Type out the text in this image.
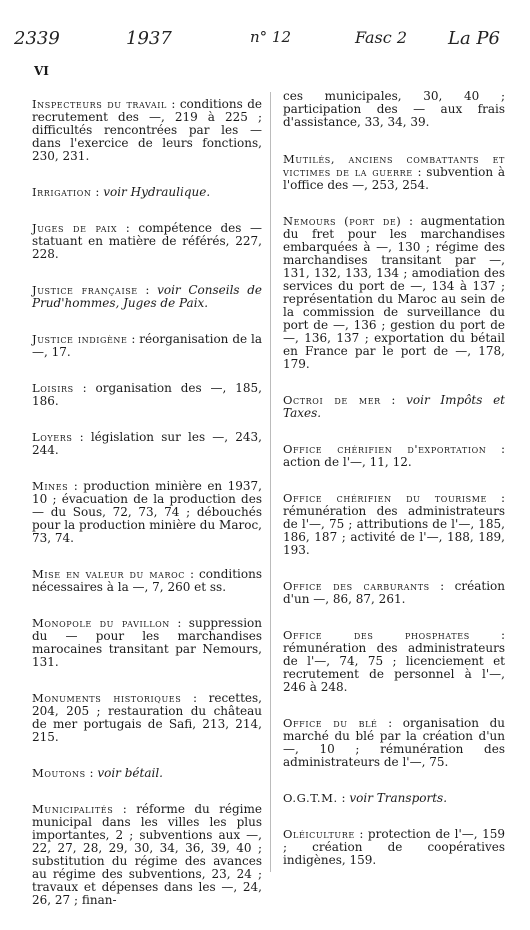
2339	1937	n° 12	Fasc 2 La P6
VI

Inspecteurs du travail : conditions de recrutement des —, 219 à 225 ; difficultés rencontrées par les — dans l'exercice de leurs fonctions, 230, 231.

Irrigation : voir Hydraulique.

Juges de paix : compétence des — statuant en matière de référés, 227, 228.

Justice française : voir Conseils de Prud'hommes, Juges de Paix.

Justice indigène : réorganisation de la —, 17.

Loisirs : organisation des —, 185, 186.

Loyers : législation sur les —, 243, 244.

Mines : production minière en 1937, 10 ; évacuation de la production des — du Sous, 72, 73, 74 ; débouchés pour la production minière du Maroc, 73, 74.

Mise en valeur du maroc : conditions nécessaires à la —, 7, 260 et ss.

Monopole du pavillon : suppression du — pour les marchandises marocaines transitant par Nemours, 131.

Monuments historiques : recettes, 204, 205 ; restauration du château de mer portugais de Safi, 213, 214, 215.

Moutons : voir bétail.

Municipalités : réforme du régime municipal dans les villes les plus importantes, 2 ; subventions aux —, 22, 27, 28, 29, 30, 34, 36, 39, 40 ; substitution du régime des avances au régime des subventions, 23, 24 ; travaux et dépenses dans les —, 24, 26, 27 ; finan-

ces municipales, 30, 40 ; participation des — aux frais d'assistance, 33, 34, 39.

Mutilés, anciens combattants et victimes de la guerre : subvention à l'office des —, 253, 254.

Nemours (port de) : augmentation du fret pour les marchandises embarquées à —, 130 ; régime des marchandises transitant par —, 131, 132, 133, 134 ; amodiation des services du port de —, 134 à 137 ; représentation du Maroc au sein de la commission de surveillance du port de —, 136 ; gestion du port de —, 136, 137 ; exportation du bétail en France par le port de —, 178, 179.

Octroi de mer : voir Impôts et Taxes.

Office chérifien d'exportation : action de l'—, 11, 12.

Office chérifien du tourisme : rémunération des administrateurs de l'—, 75 ; attributions de l'—, 185, 186, 187 ; activité de l'—, 188, 189, 193.

Office des carburants : création d'un —, 86, 87, 261.

Office des phosphates : rémunération des administrateurs de l'—, 74, 75 ; licenciement et recrutement de personnel à l'—, 246 à 248.

Office du blé : organisation du marché du blé par la création d'un —, 10 ; rémunération des administrateurs de l'—, 75.

O.G.T.M. : voir Transports.

Oléiculture : protection de l'—, 159 ; création de coopératives indigènes, 159.
